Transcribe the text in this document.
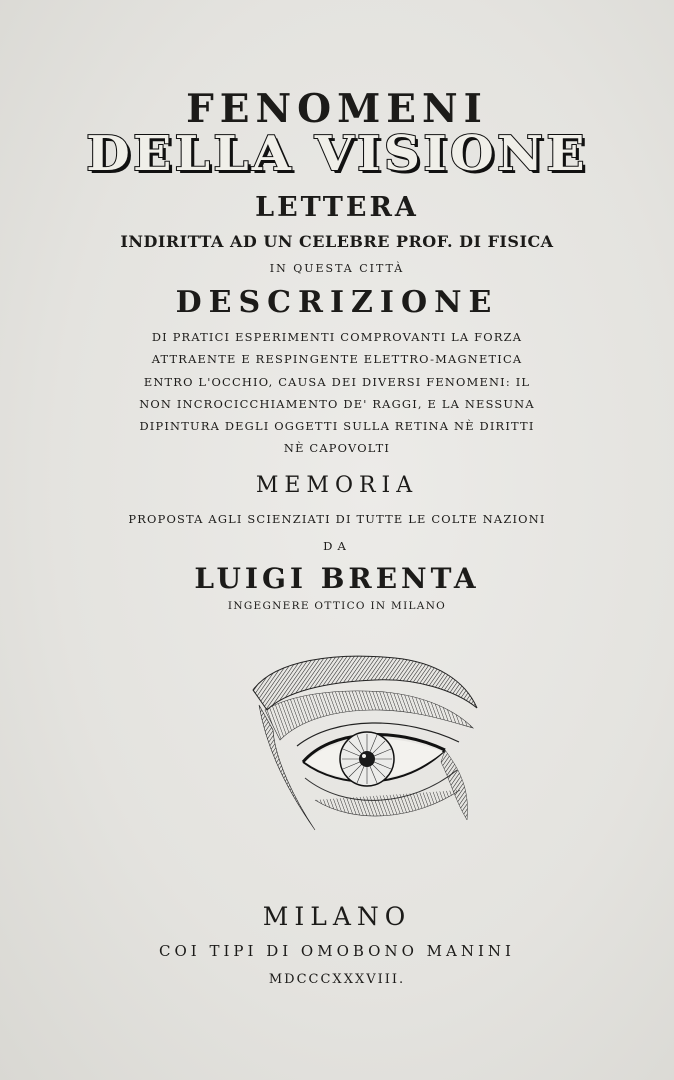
FENOMENI
DELLA VISIONE
LETTERA
INDIRITTA AD UN CELEBRE PROF. DI FISICA
IN QUESTA CITTÀ
DESCRIZIONE
DI PRATICI ESPERIMENTI COMPROVANTI LA FORZA
ATTRAENTE E RESPINGENTE ELETTRO-MAGNETICA
ENTRO L'OCCHIO, CAUSA DEI DIVERSI FENOMENI: IL
NON INCROCICCHIAMENTO DE' RAGGI, E LA NESSUNA
DIPINTURA DEGLI OGGETTI SULLA RETINA NÈ DIRITTI
NÈ CAPOVOLTI
MEMORIA
PROPOSTA AGLI SCIENZIATI DI TUTTE LE COLTE NAZIONI
DA
LUIGI BRENTA
INGEGNERE OTTICO IN MILANO
MILANO
COI TIPI DI OMOBONO MANINI
MDCCCXXXVIII.
